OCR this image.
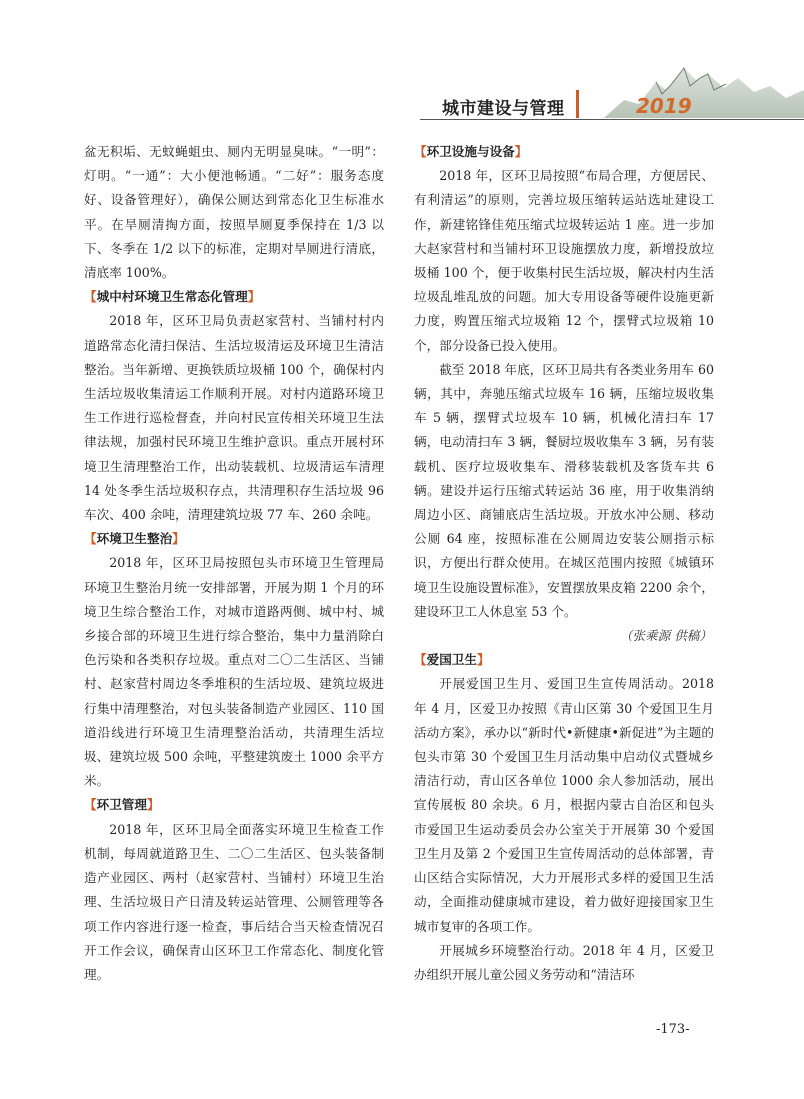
城市建设与管理	2019

盆无积垢、无蚊蝇蛆虫、厕内无明显臭味。“一明”：灯明。“一通”：大小便池畅通。“二好”：服务态度好、设备管理好），确保公厕达到常态化卫生标准水平。在旱厕清掏方面，按照旱厕夏季保持在 1/3 以下、冬季在 1/2 以下的标准，定期对旱厕进行清底，清底率 100%。

【城中村环境卫生常态化管理】

2018 年，区环卫局负责赵家营村、当铺村村内道路常态化清扫保洁、生活垃圾清运及环境卫生清洁整治。当年新增、更换铁质垃圾桶 100 个，确保村内生活垃圾收集清运工作顺利开展。对村内道路环境卫生工作进行巡检督查，并向村民宣传相关环境卫生法律法规，加强村民环境卫生维护意识。重点开展村环境卫生清理整治工作，出动装载机、垃圾清运车清理 14 处冬季生活垃圾积存点，共清理积存生活垃圾 96 车次、400 余吨，清理建筑垃圾 77 车、260 余吨。

【环境卫生整治】

2018 年，区环卫局按照包头市环境卫生管理局环境卫生整治月统一安排部署，开展为期 1 个月的环境卫生综合整治工作，对城市道路两侧、城中村、城乡接合部的环境卫生进行综合整治，集中力量消除白色污染和各类积存垃圾。重点对二〇二生活区、当铺村、赵家营村周边冬季堆积的生活垃圾、建筑垃圾进行集中清理整治，对包头装备制造产业园区、110 国道沿线进行环境卫生清理整治活动，共清理生活垃圾、建筑垃圾 500 余吨，平整建筑废土 1000 余平方米。

【环卫管理】

2018 年，区环卫局全面落实环境卫生检查工作机制，每周就道路卫生、二〇二生活区、包头装备制造产业园区、两村（赵家营村、当铺村）环境卫生治理、生活垃圾日产日清及转运站管理、公厕管理等各项工作内容进行逐一检查，事后结合当天检查情况召开工作会议，确保青山区环卫工作常态化、制度化管理。

【环卫设施与设备】

2018 年，区环卫局按照“布局合理，方便居民、有利清运”的原则，完善垃圾压缩转运站选址建设工作，新建铭锋佳苑压缩式垃圾转运站 1 座。进一步加大赵家营村和当铺村环卫设施摆放力度，新增投放垃圾桶 100 个，便于收集村民生活垃圾，解决村内生活垃圾乱堆乱放的问题。加大专用设备等硬件设施更新力度，购置压缩式垃圾箱 12 个，摆臂式垃圾箱 10 个，部分设备已投入使用。

截至 2018 年底，区环卫局共有各类业务用车 60 辆，其中，奔驰压缩式垃圾车 16 辆，压缩垃圾收集车 5 辆，摆臂式垃圾车 10 辆，机械化清扫车 17 辆，电动清扫车 3 辆，餐厨垃圾收集车 3 辆，另有装载机、医疗垃圾收集车、滑移装载机及客货车共 6 辆。建设并运行压缩式转运站 36 座，用于收集消纳周边小区、商铺底店生活垃圾。开放水冲公厕、移动公厕 64 座，按照标准在公厕周边安装公厕指示标识，方便出行群众使用。在城区范围内按照《城镇环境卫生设施设置标准》，安置摆放果皮箱 2200 余个，建设环卫工人休息室 53 个。

（张乘源 供稿）

【爱国卫生】

开展爱国卫生月、爱国卫生宣传周活动。2018 年 4 月，区爱卫办按照《青山区第 30 个爱国卫生月活动方案》，承办以“新时代•新健康•新促进”为主题的包头市第 30 个爱国卫生月活动集中启动仪式暨城乡清洁行动，青山区各单位 1000 余人参加活动，展出宣传展板 80 余块。6 月，根据内蒙古自治区和包头市爱国卫生运动委员会办公室关于开展第 30 个爱国卫生月及第 2 个爱国卫生宣传周活动的总体部署，青山区结合实际情况，大力开展形式多样的爱国卫生活动，全面推动健康城市建设，着力做好迎接国家卫生城市复审的各项工作。

开展城乡环境整治行动。2018 年 4 月，区爱卫办组织开展儿童公园义务劳动和“清洁环

-173-
